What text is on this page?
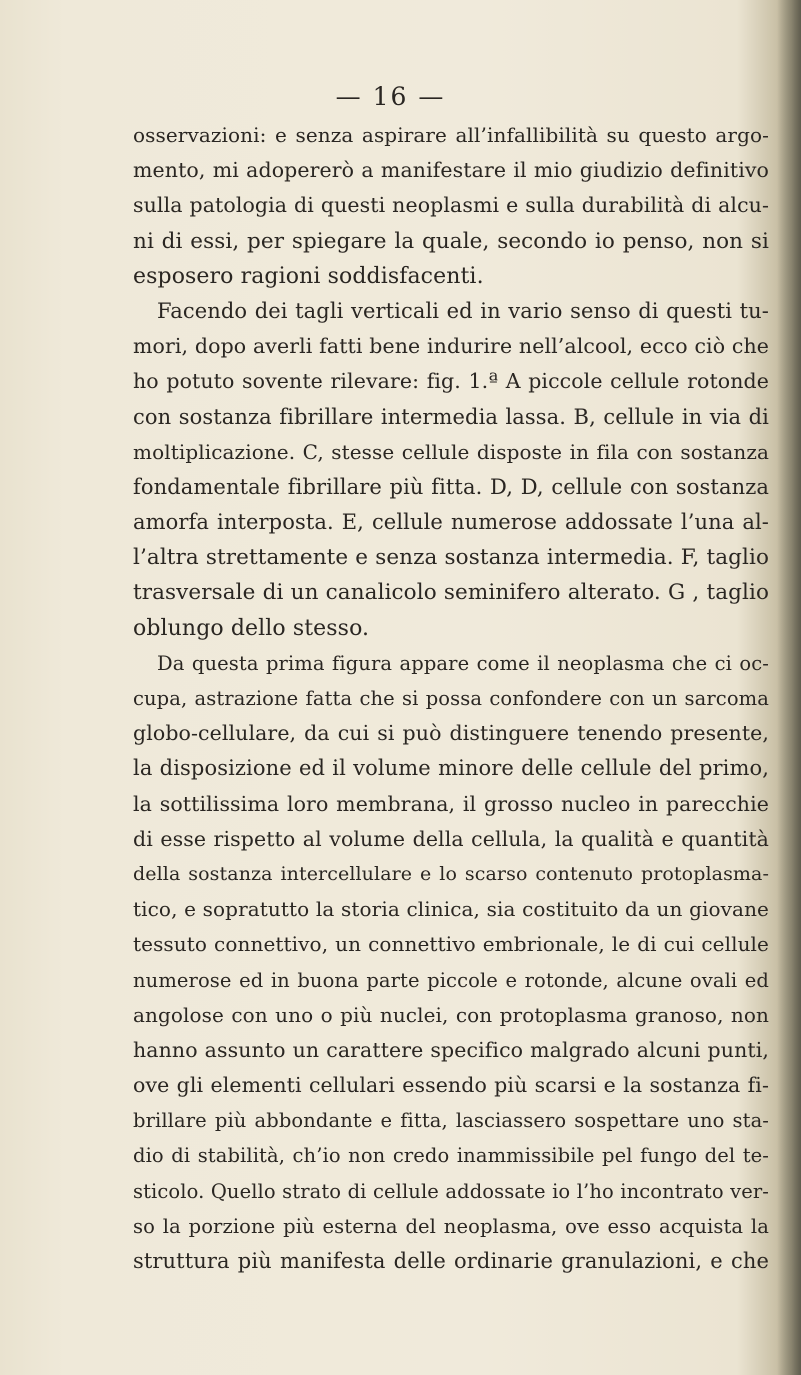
— 16 —
osservazioni: e senza aspirare all’infallibilità su questo argo-
mento, mi adopererò a manifestare il mio giudizio definitivo
sulla patologia di questi neoplasmi e sulla durabilità di alcu-
ni di essi, per spiegare la quale, secondo io penso, non si
esposero ragioni soddisfacenti.
Facendo dei tagli verticali ed in vario senso di questi tu-
mori, dopo averli fatti bene indurire nell’alcool, ecco ciò che
ho potuto sovente rilevare: fig. 1.ª A piccole cellule rotonde
con sostanza fibrillare intermedia lassa. B, cellule in via di
moltiplicazione. C, stesse cellule disposte in fila con sostanza
fondamentale fibrillare più fitta. D, D, cellule con sostanza
amorfa interposta. E, cellule numerose addossate l’una al-
l’altra strettamente e senza sostanza intermedia. F, taglio
trasversale di un canalicolo seminifero alterato. G , taglio
oblungo dello stesso.
Da questa prima figura appare come il neoplasma che ci oc-
cupa, astrazione fatta che si possa confondere con un sarcoma
globo-cellulare, da cui si può distinguere tenendo presente,
la disposizione ed il volume minore delle cellule del primo,
la sottilissima loro membrana, il grosso nucleo in parecchie
di esse rispetto al volume della cellula, la qualità e quantità
della sostanza intercellulare e lo scarso contenuto protoplasma-
tico, e sopratutto la storia clinica, sia costituito da un giovane
tessuto connettivo, un connettivo embrionale, le di cui cellule
numerose ed in buona parte piccole e rotonde, alcune ovali ed
angolose con uno o più nuclei, con protoplasma granoso, non
hanno assunto un carattere specifico malgrado alcuni punti,
ove gli elementi cellulari essendo più scarsi e la sostanza fi-
brillare più abbondante e fitta, lasciassero sospettare uno sta-
dio di stabilità, ch’io non credo inammissibile pel fungo del te-
sticolo. Quello strato di cellule addossate io l’ho incontrato ver-
so la porzione più esterna del neoplasma, ove esso acquista la
struttura più manifesta delle ordinarie granulazioni, e che
